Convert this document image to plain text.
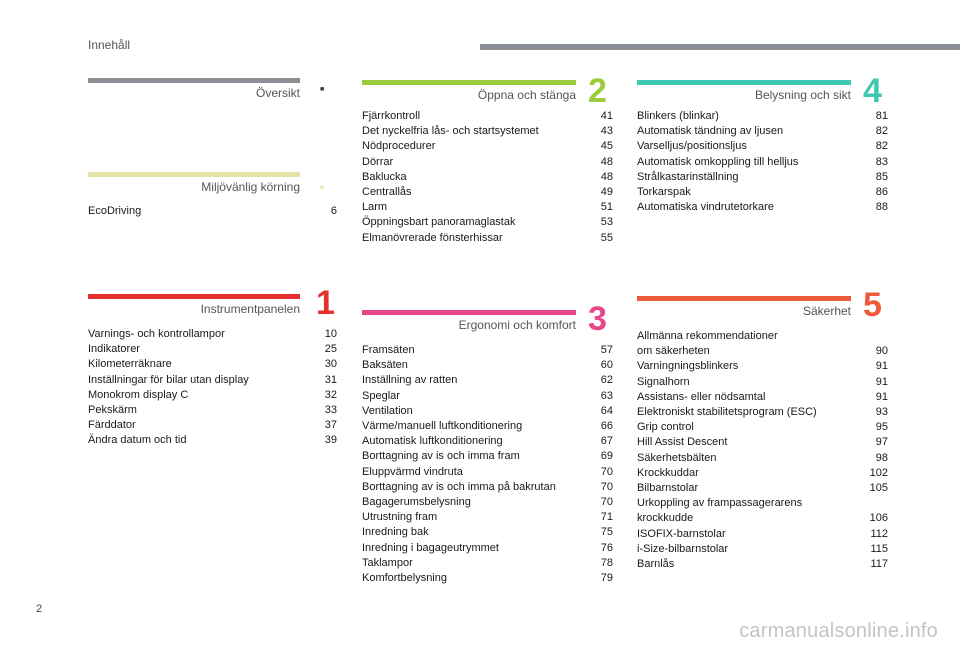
Innehåll
Översikt	■
Miljövänlig körning	■
EcoDriving	6
Instrumentpanelen 1
Varnings- och kontrollampor	10
Indikatorer	25
Kilometerräknare	30
Inställningar för bilar utan display	31
Monokrom display C	32
Pekskärm	33
Färddator	37
Ändra datum och tid	39
Öppna och stänga 2
Fjärrkontroll	41
Det nyckelfria lås- och startsystemet	43
Nödprocedurer	45
Dörrar	48
Baklucka	48
Centrallås	49
Larm	51
Öppningsbart panoramaglastak	53
Elmanövrerade fönsterhissar	55
Ergonomi och komfort 3
Framsäten	57
Baksäten	60
Inställning av ratten	62
Speglar	63
Ventilation	64
Värme/manuell luftkonditionering	66
Automatisk luftkonditionering	67
Borttagning av is och imma fram	69
Eluppvärmd vindruta	70
Borttagning av is och imma på bakrutan	70
Bagagerumsbelysning	70
Utrustning fram	71
Inredning bak	75
Inredning i bagageutrymmet	76
Taklampor	78
Komfortbelysning	79
Belysning och sikt 4
Blinkers (blinkar)	81
Automatisk tändning av ljusen	82
Varselljus/positionsljus	82
Automatisk omkoppling till helljus	83
Strålkastarinställning	85
Torkarspak	86
Automatiska vindrutetorkare	88
Säkerhet 5
Allmänna rekommendationer
om säkerheten	90
Varningningsblinkers	91
Signalhorn	91
Assistans- eller nödsamtal	91
Elektroniskt stabilitetsprogram (ESC)	93
Grip control	95
Hill Assist Descent	97
Säkerhetsbälten	98
Krockkuddar	102
Bilbarnstolar	105
Urkoppling av frampassagerarens
krockkudde	106
ISOFIX-barnstolar	112
i-Size-bilbarnstolar	115
Barnlås	117
2
carmanualsonline.info
